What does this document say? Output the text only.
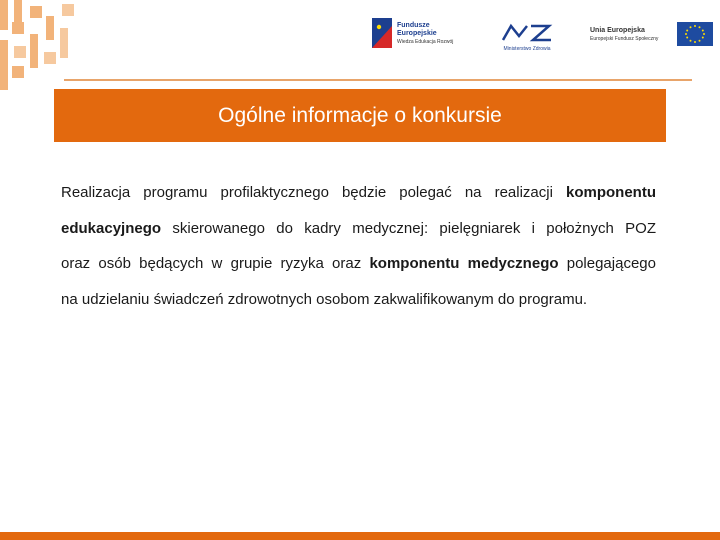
Fundusze
Europejskie
Wiedza Edukacja Rozwój
Ministerstwo Zdrowia
Unia Europejska
Europejski Fundusz Społeczny
Ogólne informacje o konkursie
Realizacja programu profilaktycznego będzie polegać na realizacji komponentu
edukacyjnego skierowanego do kadry medycznej: pielęgniarek i położnych POZ
oraz osób będących w grupie ryzyka oraz komponentu medycznego polegającego
na udzielaniu świadczeń zdrowotnych osobom zakwalifikowanym do programu.
